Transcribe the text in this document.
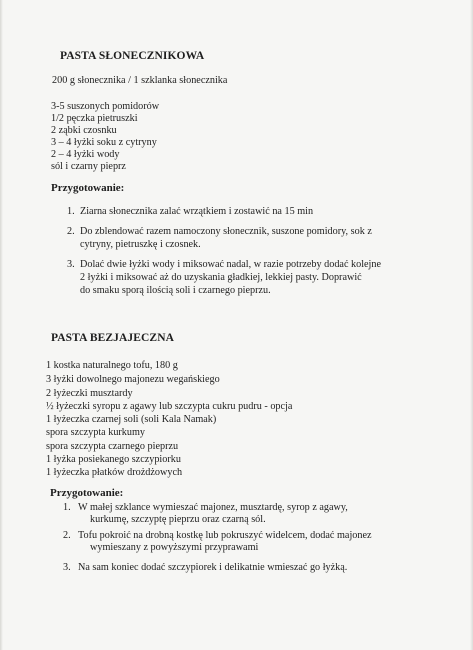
PASTA SŁONECZNIKOWA
200 g słonecznika / 1 szklanka słonecznika
3-5 suszonych pomidorów
1/2 pęczka pietruszki
2 ząbki czosnku
3 – 4 łyżki soku z cytryny
2 – 4 łyżki wody
sól i czarny pieprz
Przygotowanie:
1. Ziarna słonecznika zalać wrzątkiem i zostawić na 15 min
2. Do zblendować razem namoczony słonecznik, suszone pomidory, sok z
cytryny, pietruszkę i czosnek.
3. Dolać dwie łyżki wody i miksować nadal, w razie potrzeby dodać kolejne
2 łyżki i miksować aż do uzyskania gładkiej, lekkiej pasty. Doprawić
do smaku sporą ilością soli i czarnego pieprzu.
PASTA BEZJAJECZNA
1 kostka naturalnego tofu, 180 g
3 łyżki dowolnego majonezu wegańskiego
2 łyżeczki musztardy
½ łyżeczki syropu z agawy lub szczypta cukru pudru - opcja
1 łyżeczka czarnej soli (soli Kala Namak)
spora szczypta kurkumy
spora szczypta czarnego pieprzu
1 łyżka posiekanego szczypiorku
1 łyżeczka płatków drożdżowych
Przygotowanie:
1. W małej szklance wymieszać majonez, musztardę, syrop z agawy,
kurkumę, szczyptę pieprzu oraz czarną sól.
2. Tofu pokroić na drobną kostkę lub pokruszyć widelcem, dodać majonez
wymieszany z powyższymi przyprawami
3. Na sam koniec dodać szczypiorek i delikatnie wmieszać go łyżką.
